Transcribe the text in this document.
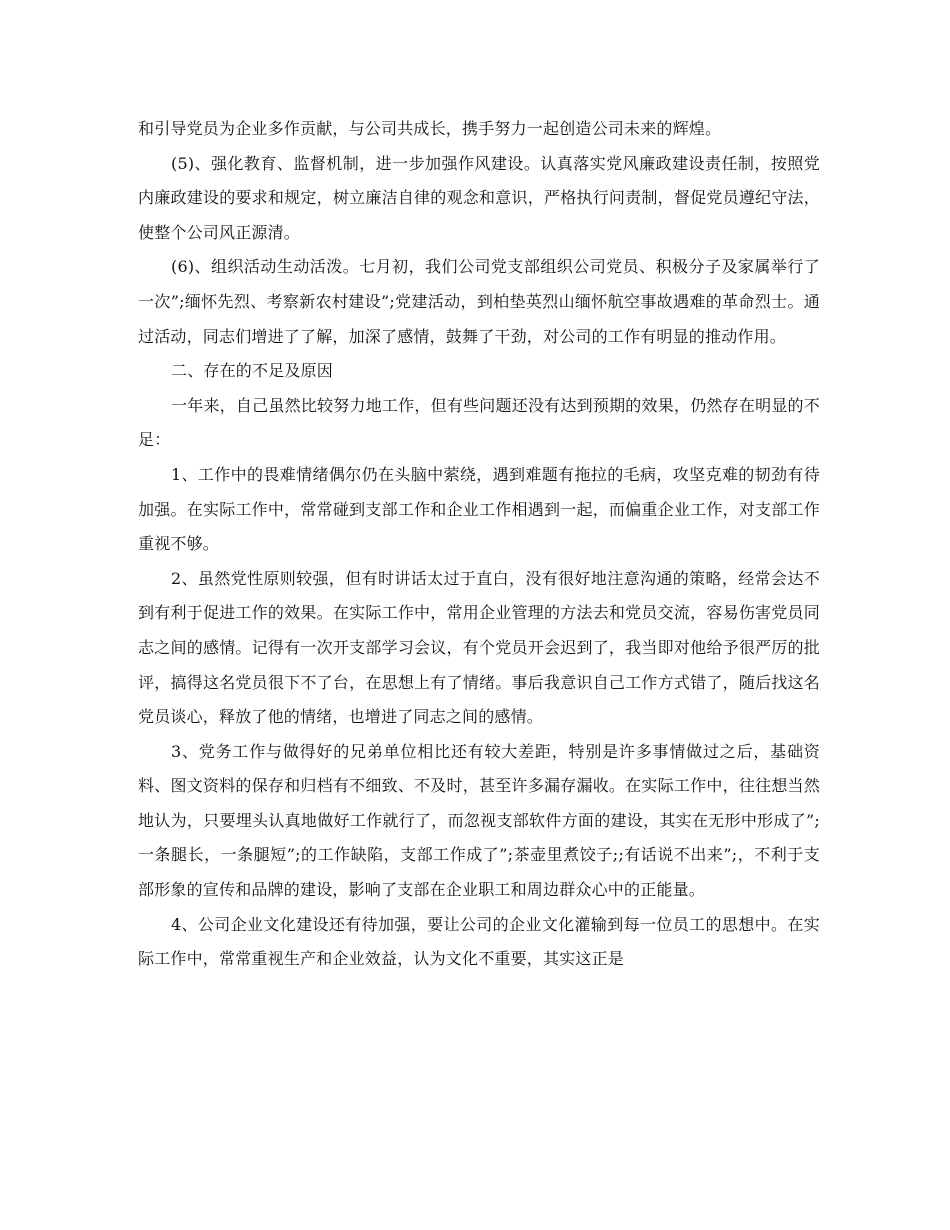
和引导党员为企业多作贡献，与公司共成长，携手努力一起创造公司未来的辉煌。

(5)、强化教育、监督机制，进一步加强作风建设。认真落实党风廉政建设责任制，按照党内廉政建设的要求和规定，树立廉洁自律的观念和意识，严格执行问责制，督促党员遵纪守法，使整个公司风正源清。

(6)、组织活动生动活泼。七月初，我们公司党支部组织公司党员、积极分子及家属举行了一次”;缅怀先烈、考察新农村建设”;党建活动，到柏垫英烈山缅怀航空事故遇难的革命烈士。通过活动，同志们增进了了解，加深了感情，鼓舞了干劲，对公司的工作有明显的推动作用。

二、存在的不足及原因

一年来，自己虽然比较努力地工作，但有些问题还没有达到预期的效果，仍然存在明显的不足：

1、工作中的畏难情绪偶尔仍在头脑中萦绕，遇到难题有拖拉的毛病，攻坚克难的韧劲有待加强。在实际工作中，常常碰到支部工作和企业工作相遇到一起，而偏重企业工作，对支部工作重视不够。

2、虽然党性原则较强，但有时讲话太过于直白，没有很好地注意沟通的策略，经常会达不到有利于促进工作的效果。在实际工作中，常用企业管理的方法去和党员交流，容易伤害党员同志之间的感情。记得有一次开支部学习会议，有个党员开会迟到了，我当即对他给予很严厉的批评，搞得这名党员很下不了台，在思想上有了情绪。事后我意识自己工作方式错了，随后找这名党员谈心，释放了他的情绪，也增进了同志之间的感情。

3、党务工作与做得好的兄弟单位相比还有较大差距，特别是许多事情做过之后，基础资料、图文资料的保存和归档有不细致、不及时，甚至许多漏存漏收。在实际工作中，往往想当然地认为，只要埋头认真地做好工作就行了，而忽视支部软件方面的建设，其实在无形中形成了”;一条腿长，一条腿短”;的工作缺陷，支部工作成了”;茶壶里煮饺子;;有话说不出来”;，不利于支部形象的宣传和品牌的建设，影响了支部在企业职工和周边群众心中的正能量。

4、公司企业文化建设还有待加强，要让公司的企业文化灌输到每一位员工的思想中。在实际工作中，常常重视生产和企业效益，认为文化不重要，其实这正是
